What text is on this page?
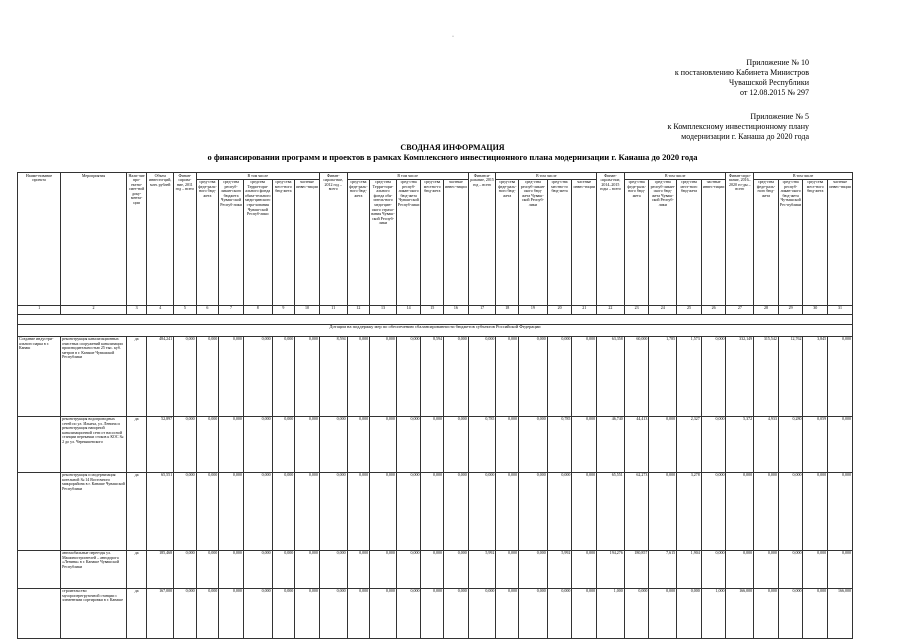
·
Приложение № 10
к постановлению Кабинета Министров
Чувашской Республики
от 12.08.2015 № 297
Приложение № 5
к Комплексному инвестиционному плану
модернизации г. Канаша до 2020 года
СВОДНАЯ ИНФОРМАЦИЯ
о финансировании программ и проектов в рамках Комплексного инвестиционного плана модернизации г. Канаша до 2020 года
Наиме-нование проекта	Мероприятия	Нали-чие про-ектно-смет-ной доку-мента-ции	Объем инвести-ций, млн. рублей	Финан-сирова-ние, 2011 год – всего	В том числе					Финан-сирова-ние, 2012 год – всего	В том числе					Финанси-рование, 2015 год – всего	В том числе				Финан-сирова-ние, 2014–2015 годы – всего	В том числе				Финан-сиро-вание, 2016–2020 го-ды – всего	В том числе			
					сред-ства феде-раль-ного бюд-жета	сред-ства респуб-ликан-ского бюджета Чуваш-ской Респуб-лики	средства Терри-тори-ального фонда обяза-тельного меди-цинского стра-хования Чуваш-ской Респуб-лики	сред-ства мест-ного бюд-жета	частные инвес-тиции		сред-ства феде-раль-ного бюд-жета	сред-ства Терри-тори-ального фонда обя-затель-ного меди-цин-ского страхо-вания Чуваш-ской Респуб-лики	сред-ства респуб-ликан-ского бюд-жета Чуваш-ской Респуб-лики	сред-ства местно-го бюд-жета	частные инвес-тиции		сред-ства феде-раль-ного бюд-жета	сред-ства респуб-ликан-ского бюд-жета Чуваш-ской Респуб-лики	сред-ства местно-го бюд-жета	частные инвес-тиции		сред-ства феде-раль-ного бюд-жета	сред-ства респуб-ликан-ского бюд-жета Чуваш-ской Респуб-лики	сред-ства мест-ного бюд-жета	частные инвес-тиции		сред-ства феде-раль-ного бюд-жета	сред-ства респуб-ликан-ского бюд-жета Чу-вашской Рес-публики	сред-ства мест-ного бюд-жета	частные инвес-тиции
1	2	3	4	5	6	7	8	9	10	11	12	13	14	15	16	17	18	19	20	21	22	23	24	25	26	27	28	29	30	31

Дотации на поддержку мер по обеспечению сбалансированности бюджетов субъектов Российской Федерации																														
Создание индустри-ального парка в г. Канаш	реконструкция канализационных очистных сооружений канализации производительностью 25 тыс. куб. метров в г. Канаше Чувашской Республики	да	484,241	0,000	0,000	0,000	0,000	0,000	0,000	8,594	0,000	0,000	0,000	8,594	0,000	0,000	0,000	0,000	0,000	0,000	63,358	60,000	1,785	1,573	0,000	332,149	315,542	12,762	3,845	0,000
	реконструкция водопроводных сетей по ул. Ильича, ул. Ленина и реконструкция напорной канализационной сети от насосной станции перекачки стоков к КОС № 2 до ул. Чернышевского	да	52,897	0,000	0,000	0,000	0,000	0,000	0,000	0,000	0,000	0,000	0,000	0,000	0,000	0,785	0,000	0,000	0,785	0,000	46,740	44,413	0,000	2,327	0,000	5,372	4,933	0,280	0,059	0,000
	реконструкция и модернизация котельной № 14 Восточного микрорайона в г. Канаше Чувашской Республики	да	65,551	0,000	0,000	0,000	0,000	0,000	0,000	0,000	0,000	0,000	0,000	0,000	0,000	0,000	0,000	0,000	0,000	0,000	65,551	62,273	0,000	3,278	0,000	0,000	0,000	0,000	0,000	0,000
	автомобильные переезды ул. Машиностроителей – автодорога «Лениня» в г. Канаше Чувашской Республики	да	185,468	0,000	0,000	0,000	0,000	0,000	0,000	0,000	0,000	0,000	0,000	0,000	0,000	5,992	0,000	0,000	5,992	0,000	194,276	180,857	7,615	1,904	0,000	0,000	0,000	0,000	0,000	0,000
	строительство мусороперегрузочной станции с элементами сортировки в г. Канаше	да	167,000	0,000	0,000	0,000	0,000	0,000	0,000	0,000	0,000	0,000	0,000	0,000	0,000	0,000	0,000	0,000	0,000	0,000	1,000	0,000	0,000	0,000	1,000	166,000	0,000	0,000	0,000	166,000
